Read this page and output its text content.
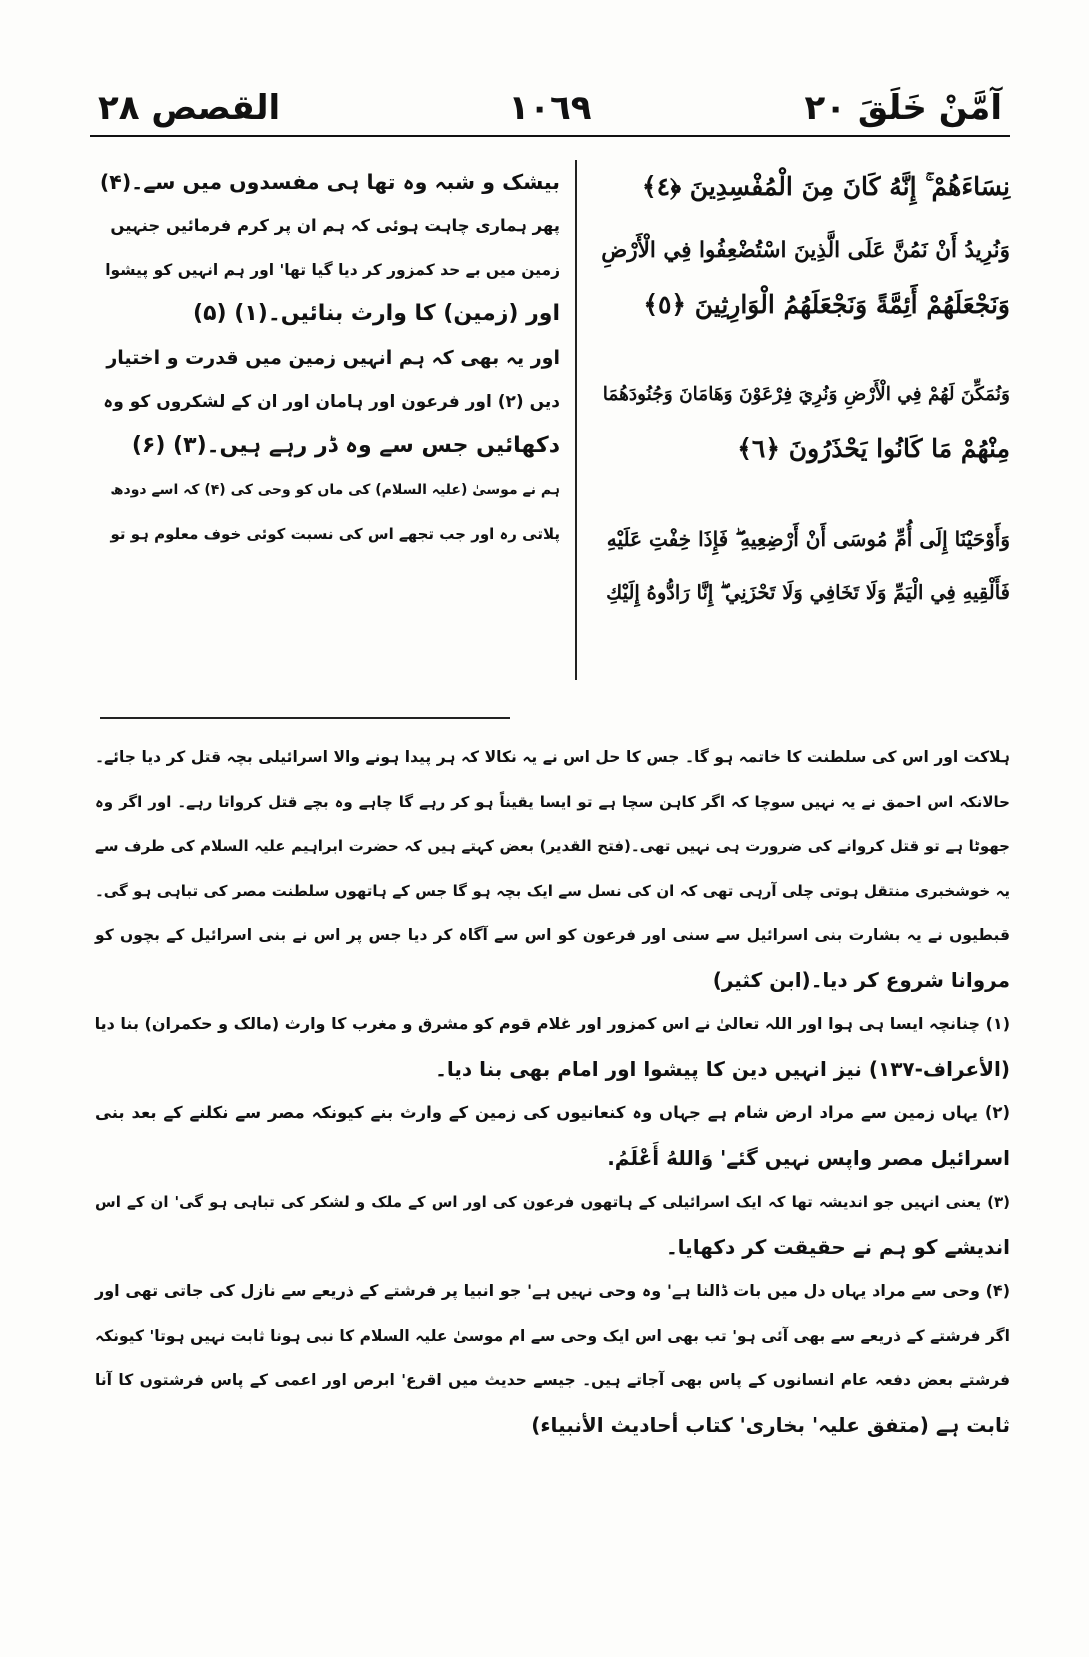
القصص ٢٨	١٠٦٩	آمَّنْ خَلَقَ ٢٠
نِسَاءَهُمْ ۚ إِنَّهُ كَانَ مِنَ الْمُفْسِدِينَ ﴿٤﴾
وَنُرِيدُ أَنْ نَمُنَّ عَلَى الَّذِينَ اسْتُضْعِفُوا فِي الْأَرْضِ
وَنَجْعَلَهُمْ أَئِمَّةً وَنَجْعَلَهُمُ الْوَارِثِينَ ﴿٥﴾
وَنُمَكِّنَ لَهُمْ فِي الْأَرْضِ وَنُرِيَ فِرْعَوْنَ وَهَامَانَ وَجُنُودَهُمَا
مِنْهُمْ مَا كَانُوا يَحْذَرُونَ ﴿٦﴾
وَأَوْحَيْنَا إِلَى أُمِّ مُوسَى أَنْ أَرْضِعِيهِ ۖ فَإِذَا خِفْتِ عَلَيْهِ
فَأَلْقِيهِ فِي الْيَمِّ وَلَا تَخَافِي وَلَا تَحْزَنِي ۖ إِنَّا رَادُّوهُ إِلَيْكِ
بیشک و شبہ وہ تھا ہی مفسدوں میں سے۔(۴)
پھر ہماری چاہت ہوئی کہ ہم ان پر کرم فرمائیں جنہیں
زمین میں بے حد کمزور کر دیا گیا تھا' اور ہم انہیں کو پیشوا
اور (زمین) کا وارث بنائیں۔(۱) (۵)
اور یہ بھی کہ ہم انہیں زمین میں قدرت و اختیار
دیں (۲) اور فرعون اور ہامان اور ان کے لشکروں کو وہ
دکھائیں جس سے وہ ڈر رہے ہیں۔(۳) (۶)
ہم نے موسیٰ (علیہ السلام) کی ماں کو وحی کی (۴) کہ اسے دودھ
پلاتی رہ اور جب تجھے اس کی نسبت کوئی خوف معلوم ہو تو
ہلاکت اور اس کی سلطنت کا خاتمہ ہو گا۔ جس کا حل اس نے یہ نکالا کہ ہر پیدا ہونے والا اسرائیلی بچہ قتل کر دیا جائے۔
حالانکہ اس احمق نے یہ نہیں سوچا کہ اگر کاہن سچا ہے تو ایسا یقیناً ہو کر رہے گا چاہے وہ بچے قتل کرواتا رہے۔ اور اگر وہ
جھوٹا ہے تو قتل کروانے کی ضرورت ہی نہیں تھی۔(فتح القدیر) بعض کہتے ہیں کہ حضرت ابراہیم علیہ السلام کی طرف سے
یہ خوشخبری منتقل ہوتی چلی آرہی تھی کہ ان کی نسل سے ایک بچہ ہو گا جس کے ہاتھوں سلطنت مصر کی تباہی ہو گی۔
قبطیوں نے یہ بشارت بنی اسرائیل سے سنی اور فرعون کو اس سے آگاہ کر دیا جس پر اس نے بنی اسرائیل کے بچوں کو
مروانا شروع کر دیا۔(ابن کثیر)
(۱) چنانچہ ایسا ہی ہوا اور اللہ تعالیٰ نے اس کمزور اور غلام قوم کو مشرق و مغرب کا وارث (مالک و حکمران) بنا دیا
(الأعراف-۱۳۷) نیز انہیں دین کا پیشوا اور امام بھی بنا دیا۔
(۲) یہاں زمین سے مراد ارض شام ہے جہاں وہ کنعانیوں کی زمین کے وارث بنے کیونکہ مصر سے نکلنے کے بعد بنی
اسرائیل مصر واپس نہیں گئے' وَاللهُ أَعْلَمُ.
(۳) یعنی انہیں جو اندیشہ تھا کہ ایک اسرائیلی کے ہاتھوں فرعون کی اور اس کے ملک و لشکر کی تباہی ہو گی' ان کے اس
اندیشے کو ہم نے حقیقت کر دکھایا۔
(۴) وحی سے مراد یہاں دل میں بات ڈالنا ہے' وہ وحی نہیں ہے' جو انبیا پر فرشتے کے ذریعے سے نازل کی جاتی تھی اور
اگر فرشتے کے ذریعے سے بھی آئی ہو' تب بھی اس ایک وحی سے ام موسیٰ علیہ السلام کا نبی ہونا ثابت نہیں ہوتا' کیونکہ
فرشتے بعض دفعہ عام انسانوں کے پاس بھی آجاتے ہیں۔ جیسے حدیث میں اقرع' ابرص اور اعمی کے پاس فرشتوں کا آنا
ثابت ہے (متفق علیہ' بخاری' کتاب أحادیث الأنبیاء)
